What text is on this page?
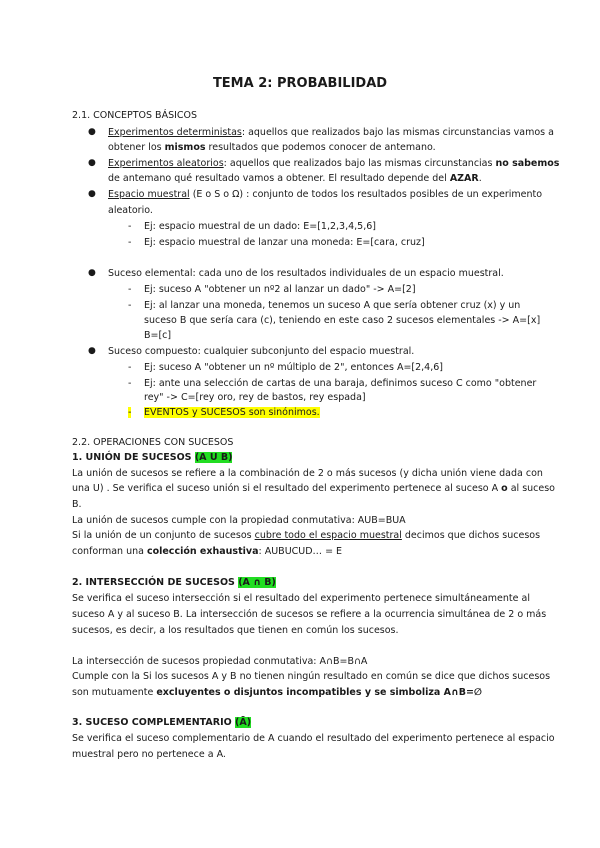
TEMA 2: PROBABILIDAD
2.1. CONCEPTOS BÁSICOS
● Experimentos deterministas: aquellos que realizados bajo las mismas circunstancias vamos a
obtener los mismos resultados que podemos conocer de antemano.
● Experimentos aleatorios: aquellos que realizados bajo las mismas circunstancias no sabemos
de antemano qué resultado vamos a obtener. El resultado depende del AZAR.
● Espacio muestral (E o S o Ω) : conjunto de todos los resultados posibles de un experimento
aleatorio.
- Ej: espacio muestral de un dado: E=[1,2,3,4,5,6]
- Ej: espacio muestral de lanzar una moneda: E=[cara, cruz]
● Suceso elemental: cada uno de los resultados individuales de un espacio muestral.
- Ej: suceso A "obtener un nº2 al lanzar un dado" -> A=[2]
- Ej: al lanzar una moneda, tenemos un suceso A que sería obtener cruz (x) y un
suceso B que sería cara (c), teniendo en este caso 2 sucesos elementales -> A=[x]
B=[c]
● Suceso compuesto: cualquier subconjunto del espacio muestral.
- Ej: suceso A "obtener un nº múltiplo de 2", entonces A=[2,4,6]
- Ej: ante una selección de cartas de una baraja, definimos suceso C como "obtener
rey" -> C=[rey oro, rey de bastos, rey espada]
- EVENTOS y SUCESOS son sinónimos.
2.2. OPERACIONES CON SUCESOS
1. UNIÓN DE SUCESOS (A U B)
La unión de sucesos se refiere a la combinación de 2 o más sucesos (y dicha unión viene dada con
una U) . Se verifica el suceso unión si el resultado del experimento pertenece al suceso A o al suceso
B.
La unión de sucesos cumple con la propiedad conmutativa: AUB=BUA
Si la unión de un conjunto de sucesos cubre todo el espacio muestral decimos que dichos sucesos
conforman una colección exhaustiva: AUBUCUD… = E
2. INTERSECCIÓN DE SUCESOS (A ∩ B)
Se verifica el suceso intersección si el resultado del experimento pertenece simultáneamente al
suceso A y al suceso B. La intersección de sucesos se refiere a la ocurrencia simultánea de 2 o más
sucesos, es decir, a los resultados que tienen en común los sucesos.
La intersección de sucesos propiedad conmutativa: A∩B=B∩A
Cumple con la Si los sucesos A y B no tienen ningún resultado en común se dice que dichos sucesos
son mutuamente excluyentes o disjuntos incompatibles y se simboliza A∩B=∅
3. SUCESO COMPLEMENTARIO (Ā)
Se verifica el suceso complementario de A cuando el resultado del experimento pertenece al espacio
muestral pero no pertenece a A.
